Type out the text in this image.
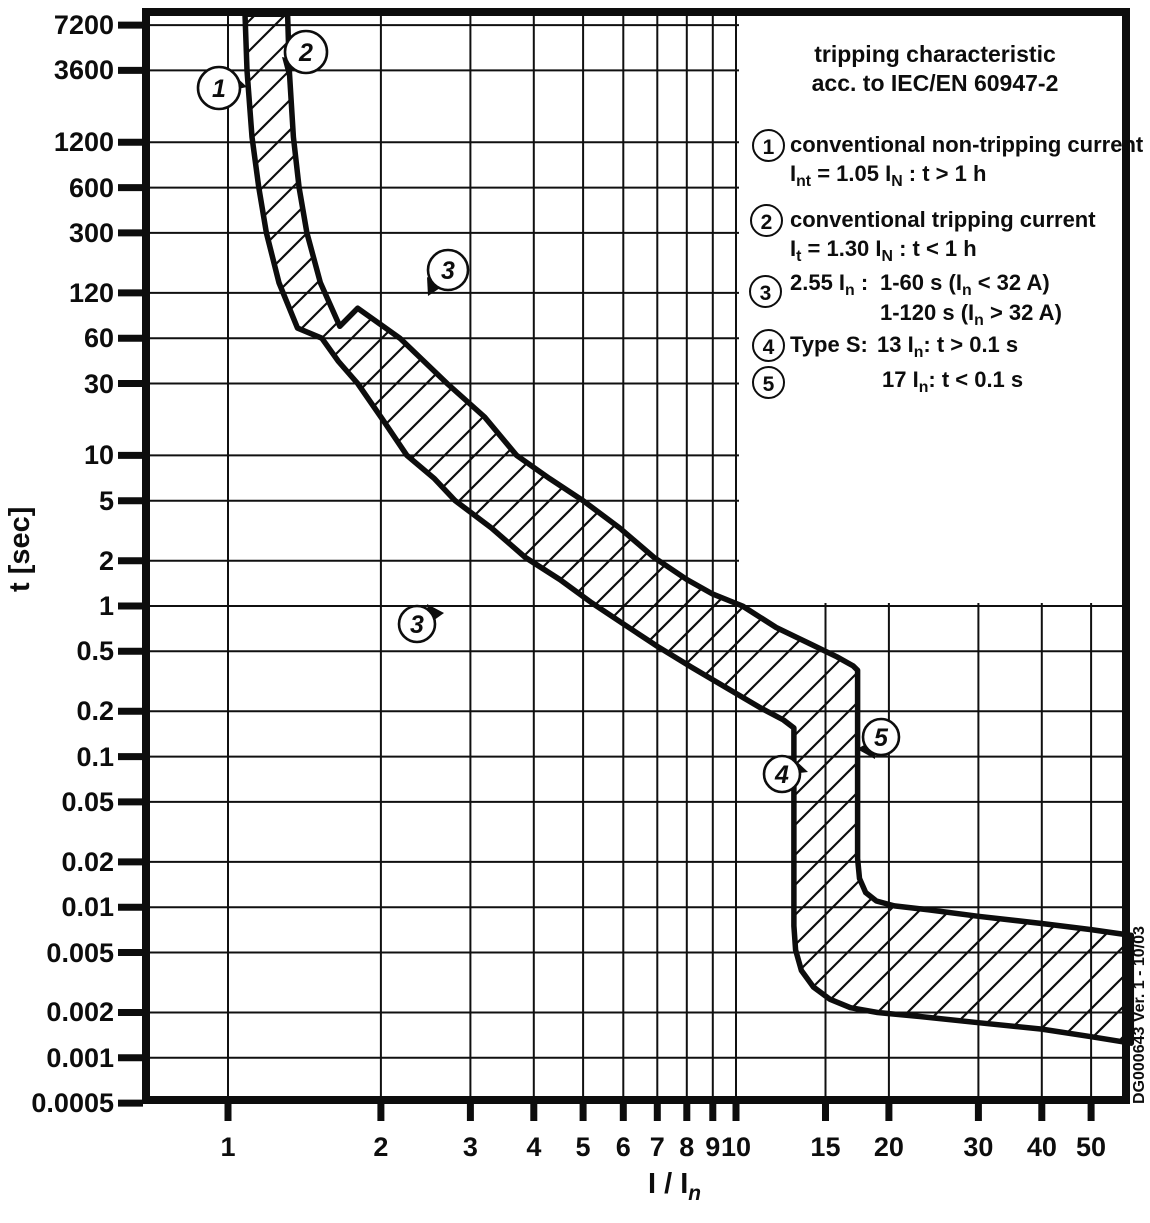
1
2
3
3
4
5
t [sec]
I / $I_n$
DG000643 Ver. 1 - 10/03
tripping characteristic
acc. to IEC/EN 60947-2
1 conventional non-tripping current
$I_{nt} = 1.05$ $I_N$ : t > 1 h
2 conventional tripping current
$I_t = 1.30$ $I_N$ : t < 1 h
3 2.55 $I_n$ : 1-60 s ($I_n < 32$ A)
1-120 s ($I_n > 32$ A)
4 Type S: 13 $I_n$: t > 0.1 s
5	17 $I_n$: t < 0.1 s
7200
3600
1200
600
300
120
60
30
10
5
2
1
0.5
0.2
0.1
0.05
0.02
0.01
0.005
0.002
0.001
0.0005
1	2	3	4	5 6 7 8 9 10	15	20	30	40 50
